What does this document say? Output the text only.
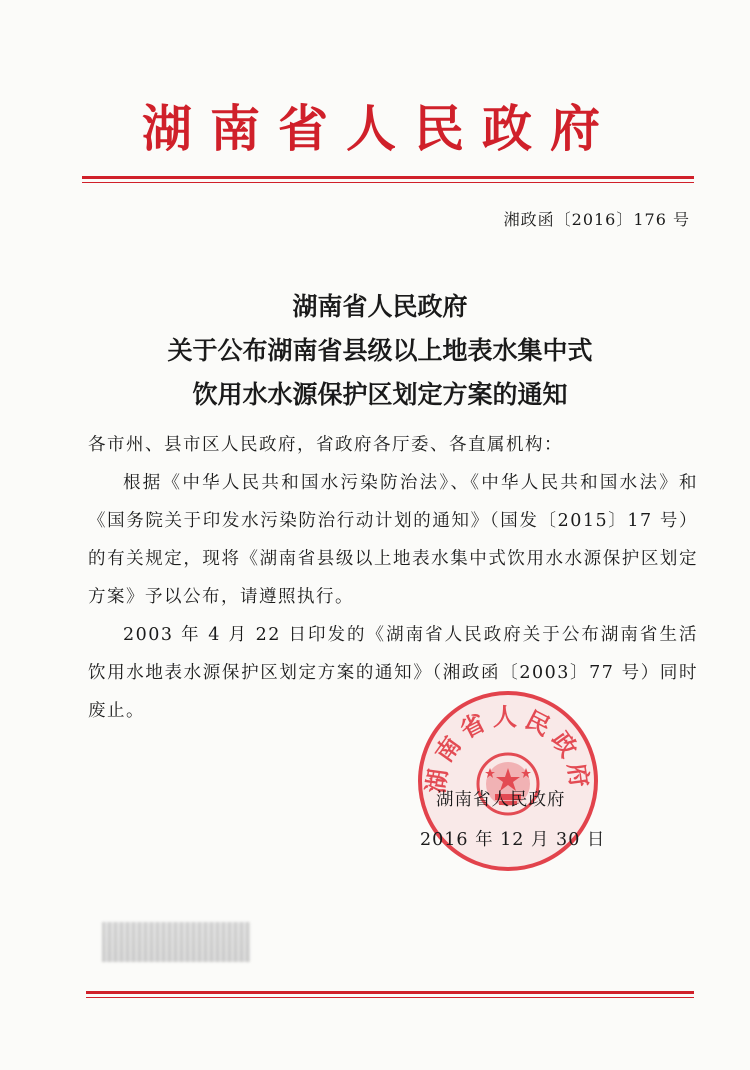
湖南省人民政府
湘政函〔2016〕176 号
湖南省人民政府
关于公布湖南省县级以上地表水集中式
饮用水水源保护区划定方案的通知

各市州、县市区人民政府，省政府各厅委、各直属机构：

根据《中华人民共和国水污染防治法》、《中华人民共和国水法》和《国务院关于印发水污染防治行动计划的通知》（国发〔2015〕17 号）的有关规定，现将《湖南省县级以上地表水集中式饮用水水源保护区划定方案》予以公布，请遵照执行。

2003 年 4 月 22 日印发的《湖南省人民政府关于公布湖南省生活饮用水地表水源保护区划定方案的通知》（湘政函〔2003〕77 号）同时废止。

湖南省人民政府
湖南省人民政府
2016 年 12 月 30 日
